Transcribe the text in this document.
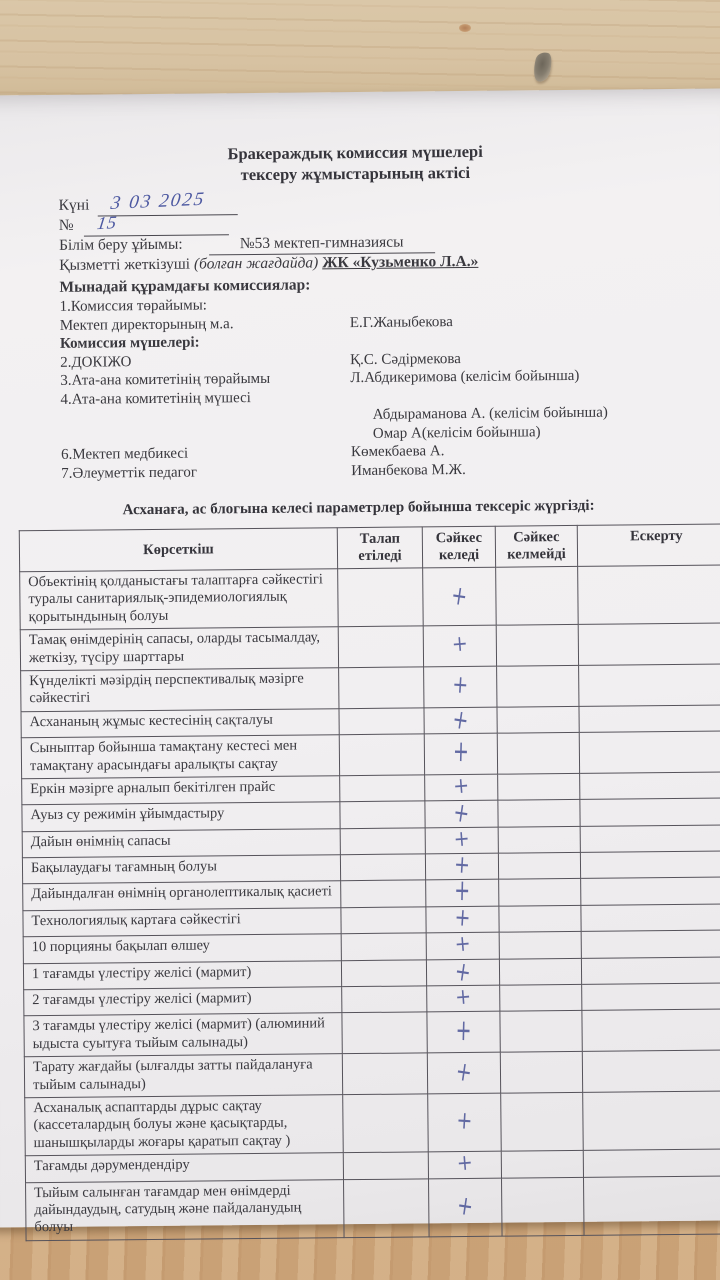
Бракераждық комиссия мүшелері
тексеру жұмыстарының актісі
Күні 3 03 2025
№ 15
Білім беру ұйымы:	№53 мектеп-гимназиясы
Қызметті жеткізуші (болған жағдайда) ЖК «Кузьменко Л.А.»
Мынадай құрамдағы комиссиялар:
1.Комиссия төрайымы:
Мектеп директорының м.а.	Е.Г.Жаныбекова
Комиссия мүшелері:
2.ДОКІЖО	Қ.С. Сәдірмекова
3.Ата-ана комитетінің төрайымы	Л.Абдикеримова (келісім бойынша)
4.Ата-ана комитетінің мүшесі
Абдыраманова А. (келісім бойынша)
Омар А(келісім бойынша)
6.Мектеп медбикесі	Көмекбаева А.
7.Әлеуметтік педагог	Иманбекова М.Ж.
Асханаға, ас блогына келесі параметрлер бойынша тексеріс жүргізді:
Көрсеткіш	Талап етіледі	Сәйкес келеді	Сәйкес келмейді	Ескерту
Объектінің қолданыстағы талаптарға сәйкестігі туралы санитариялық-эпидемиологиялық қорытындының болуы		+		
Тамақ өнімдерінің сапасы, оларды тасымалдау, жеткізу, түсіру шарттары		+		
Күнделікті мәзірдің перспективалық мәзірге сәйкестігі		+		
Асхананың жұмыс кестесінің сақталуы		+		
Сыныптар бойынша тамақтану кестесі мен тамақтану арасындағы аралықты сақтау		+		
Еркін мәзірге арналып бекітілген прайс		+		
Ауыз су режимін ұйымдастыру		+		
Дайын өнімнің сапасы		+		
Бақылаудағы тағамның болуы		+		
Дайындалған өнімнің органолептикалық қасиеті		+		
Технологиялық картаға сәйкестігі		+		
10 порцияны бақылап өлшеу		+		
1 тағамды үлестіру желісі (мармит)		+		
2 тағамды үлестіру желісі (мармит)		+		
3 тағамды үлестіру желісі (мармит) (алюминий ыдыста суытуға тыйым салынады)		+		
Тарату жағдайы (ылғалды затты пайдалануға тыйым салынады)		+		
Асханалық аспаптарды дұрыс сақтау (кассеталардың болуы және қасықтарды, шанышқыларды жоғары қаратып сақтау )		+		
Тағамды дәрумендендіру		+		
Тыйым салынған тағамдар мен өнімдерді дайындаудың, сатудың және пайдаланудың болуы		+		
